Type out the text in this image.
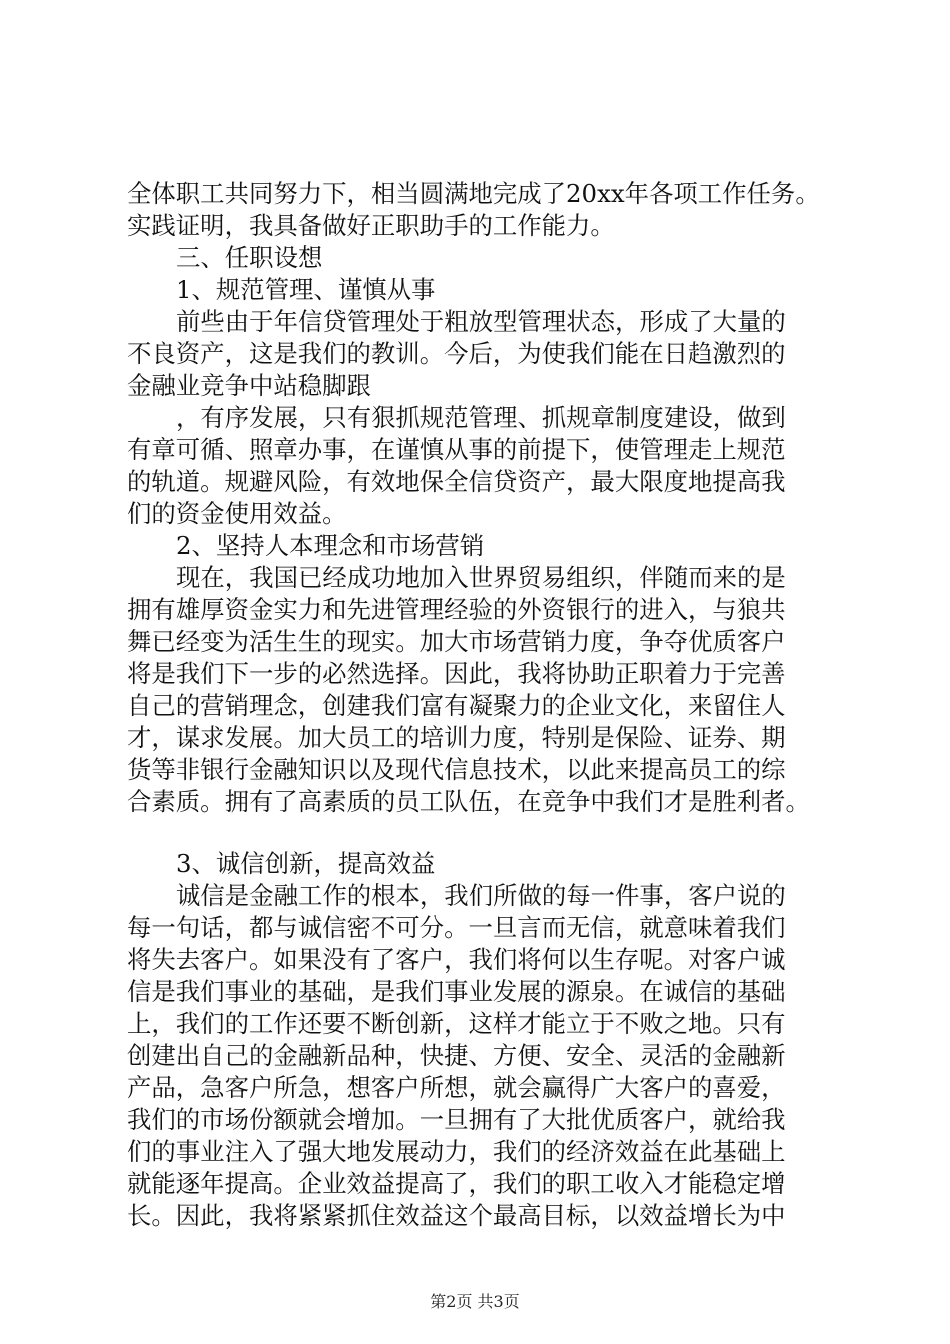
全体职工共同努力下，相当圆满地完成了20xx年各项工作任务。
实践证明，我具备做好正职助手的工作能力。
三、任职设想
1、规范管理、谨慎从事
前些由于年信贷管理处于粗放型管理状态，形成了大量的
不良资产，这是我们的教训。今后，为使我们能在日趋激烈的
金融业竞争中站稳脚跟
，有序发展，只有狠抓规范管理、抓规章制度建设，做到
有章可循、照章办事，在谨慎从事的前提下，使管理走上规范
的轨道。规避风险，有效地保全信贷资产，最大限度地提高我
们的资金使用效益。
2、坚持人本理念和市场营销
现在，我国已经成功地加入世界贸易组织，伴随而来的是
拥有雄厚资金实力和先进管理经验的外资银行的进入，与狼共
舞已经变为活生生的现实。加大市场营销力度，争夺优质客户
将是我们下一步的必然选择。因此，我将协助正职着力于完善
自己的营销理念，创建我们富有凝聚力的企业文化，来留住人
才，谋求发展。加大员工的培训力度，特别是保险、证券、期
货等非银行金融知识以及现代信息技术，以此来提高员工的综
合素质。拥有了高素质的员工队伍，在竞争中我们才是胜利者。
3、诚信创新，提高效益
诚信是金融工作的根本，我们所做的每一件事，客户说的
每一句话，都与诚信密不可分。一旦言而无信，就意味着我们
将失去客户。如果没有了客户，我们将何以生存呢。对客户诚
信是我们事业的基础，是我们事业发展的源泉。在诚信的基础
上，我们的工作还要不断创新，这样才能立于不败之地。只有
创建出自己的金融新品种，快捷、方便、安全、灵活的金融新
产品，急客户所急，想客户所想，就会赢得广大客户的喜爱，
我们的市场份额就会增加。一旦拥有了大批优质客户，就给我
们的事业注入了强大地发展动力，我们的经济效益在此基础上
就能逐年提高。企业效益提高了，我们的职工收入才能稳定增
长。因此，我将紧紧抓住效益这个最高目标，以效益增长为中
第2页 共3页
